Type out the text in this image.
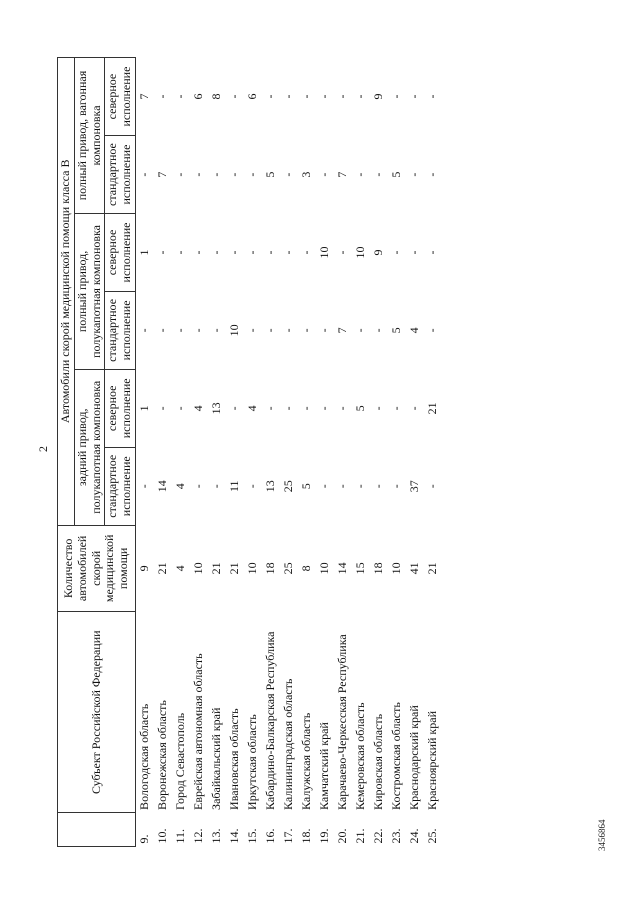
2
	Субъект Российской Федерации	Количество автомобилей скорой медицинской помощи	Автомобили скорой медицинской помощи класса В					
			задний привод, полукапотная компоновка		полный привод, полукапотная компоновка		полный привод, вагонная компоновка	
			стандартное исполнение	северное исполнение	стандартное исполнение	северное исполнение	стандартное исполнение	северное исполнение
9.	Вологодская область	9	-	1	-	1	-	7
10.	Воронежская область	21	14	-	-	-	7	-
11.	Город Севастополь	4	4	-	-	-	-	-
12.	Еврейская автономная область	10	-	4	-	-	-	6
13.	Забайкальский край	21	-	13	-	-	-	8
14.	Ивановская область	21	11	-	10	-	-	-
15.	Иркутская область	10	-	4	-	-	-	6
16.	Кабардино-Балкарская Республика	18	13	-	-	-	5	-
17.	Калининградская область	25	25	-	-	-	-	-
18.	Калужская область	8	5	-	-	-	3	-
19.	Камчатский край	10	-	-	-	10	-	-
20.	Карачаево-Черкесская Республика	14	-	-	7	-	7	-
21.	Кемеровская область	15	-	5	-	10	-	-
22.	Кировская область	18	-	-	-	9	-	9
23.	Костромская область	10	-	-	5	-	5	-
24.	Краснодарский край	41	37	-	4	-	-	-
25.	Красноярский край	21	-	21	-	-	-	-
3456864
